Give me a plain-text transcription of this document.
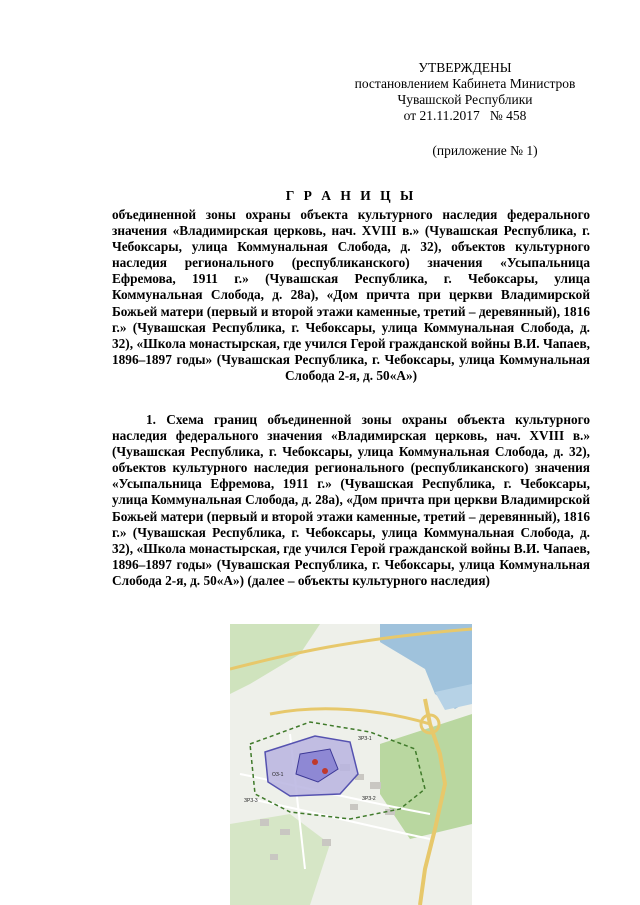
УТВЕРЖДЕНЫ
постановлением Кабинета Министров
Чувашской Республики
от 21.11.2017   № 458
(приложение № 1)
Г Р А Н И Ц Ы
объединенной зоны охраны объекта культурного наследия федерального значения «Владимирская церковь, нач. XVIII в.» (Чувашская Республика, г. Чебоксары, улица Коммунальная Слобода, д. 32), объектов культурного наследия регионального (республиканского) значения «Усыпальница Ефремова, 1911 г.» (Чувашская Республика, г. Чебоксары, улица Коммунальная Слобода, д. 28а), «Дом причта при церкви Владимирской Божьей матери (первый и второй этажи каменные, третий – деревянный), 1816 г.» (Чувашская Республика, г. Чебоксары, улица Коммунальная Слобода, д. 32), «Школа монастырская, где учился Герой гражданской войны В.И. Чапаев, 1896–1897 годы» (Чувашская Республика, г. Чебоксары, улица Коммунальная Слобода 2-я, д. 50«А»)
1. Схема границ объединенной зоны охраны объекта культурного наследия федерального значения «Владимирская церковь, нач. XVIII в.» (Чувашская Республика, г. Чебоксары, улица Коммунальная Слобода, д. 32), объектов культурного наследия регионального (республиканского) значения «Усыпальница Ефремова, 1911 г.» (Чувашская Республика, г. Чебоксары, улица Коммунальная Слобода, д. 28а), «Дом причта при церкви Владимирской Божьей матери (первый и второй этажи каменные, третий – деревянный), 1816 г.» (Чувашская Республика, г. Чебоксары, улица Коммунальная Слобода, д. 32), «Школа монастырская, где учился Герой гражданской войны В.И. Чапаев, 1896–1897 годы» (Чувашская Республика, г. Чебоксары, улица Коммунальная Слобода 2-я, д. 50«А») (далее – объекты культурного наследия)
ЗРЗ-1
ЗРЗ-2
ЗРЗ-3
ОЗ-1
